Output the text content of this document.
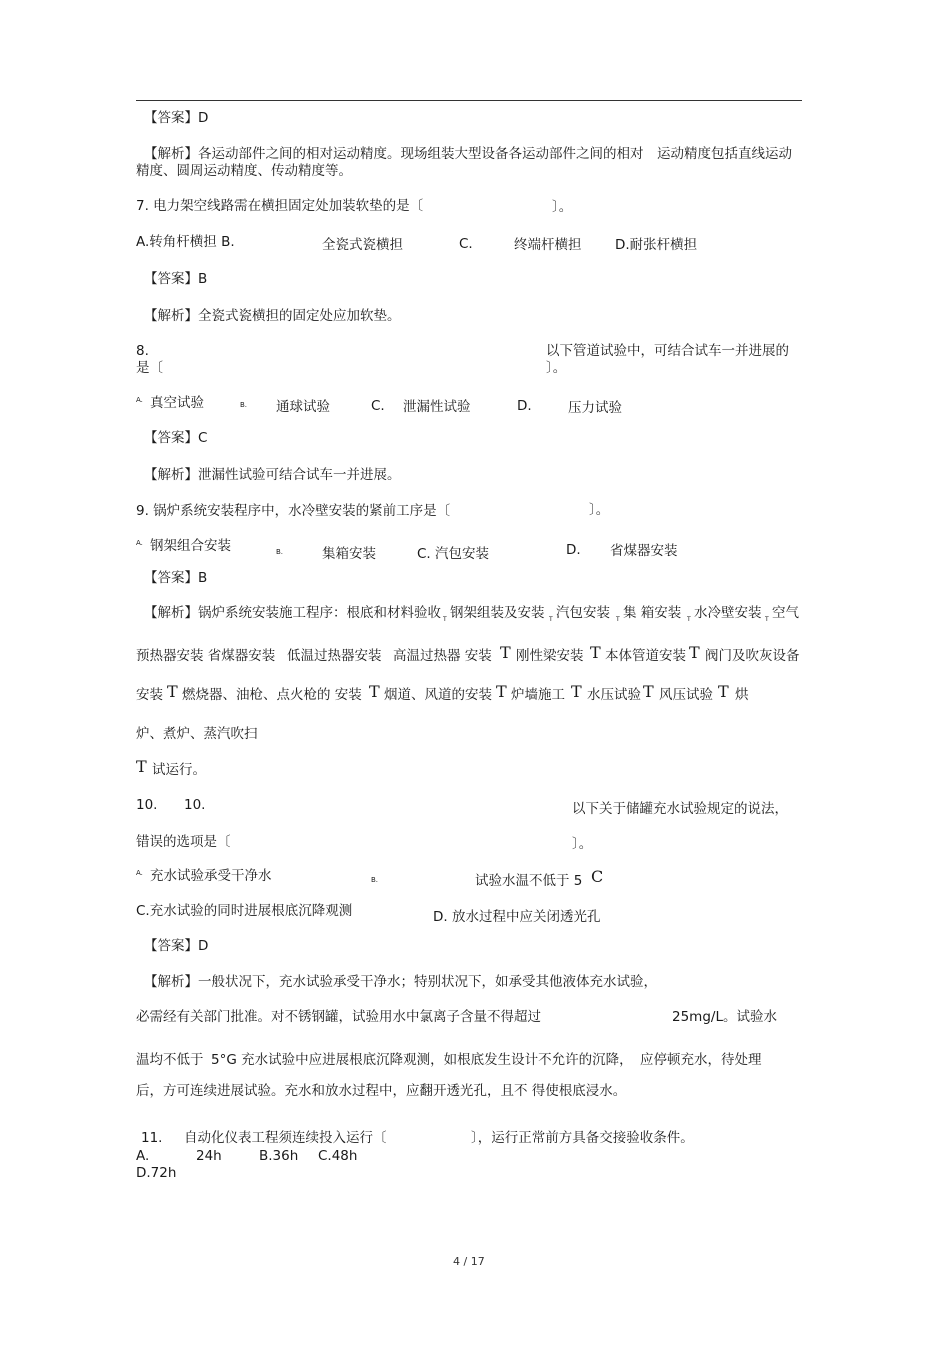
【答案】D
【解析】各运动部件之间的相对运动精度。现场组装大型设备各运动部件之间的相对 运动精度包括直线运动
精度、圆周运动精度、传动精度等。
7. 电力架空线路需在横担固定处加装软垫的是〔	〕。
A.转角杆横担 B.	全瓷式瓷横担	C.	终端杆横担 D.耐张杆横担
【答案】B
【解析】全瓷式瓷横担的固定处应加软垫。
8.	以下管道试验中，可结合试车一并进展的
是〔	〕。
A. 真空试验	B. 通球试验	C. 泄漏性试验	D.	压力试验
【答案】C
【解析】泄漏性试验可结合试车一并进展。
9. 锅炉系统安装程序中，水冷壁安装的紧前工序是〔	〕。
A. 钢架组合安装	B.	集箱安装	C. 汽包安装	D. 省煤器安装
【答案】B
【解析】锅炉系统安装施工程序：根底和材料验收 T 钢架组装及安装 T 汽包安装 T 集 箱安装 T 水冷壁安装 T 空气
预热器安装 省煤器安装 低温过热器安装 高温过热器 安装 T 刚性梁安装 T 本体管道安装 T 阀门及吹灰设备
安装 T 燃烧器、油枪、点火枪的 安装 T 烟道、风道的安装 T 炉墙施工 T 水压试验 T 风压试验 T 烘
炉、煮炉、蒸汽吹扫
T 试运行。
10. 10.	以下关于储罐充水试验规定的说法，
错误的选项是〔	〕。
A. 充水试验承受干净水	B.	试验水温不低于 5 C
C.充水试验的同时进展根底沉降观测	D. 放水过程中应关闭透光孔
【答案】D
【解析】一般状况下，充水试验承受干净水；特别状况下，如承受其他液体充水试验，
必需经有关部门批准。对不锈钢罐，试验用水中氯离子含量不得超过	25mg/L。试验水
温均不低于 5°G 充水试验中应进展根底沉降观测，如根底发生设计不允许的沉降， 应停顿充水，待处理
后，方可连续进展试验。充水和放水过程中，应翻开透光孔，且不 得使根底浸水。
11. 自动化仪表工程须连续投入运行〔	〕，运行正常前方具备交接验收条件。
A.	24h	B.36h C.48h
D.72h
4 / 17
